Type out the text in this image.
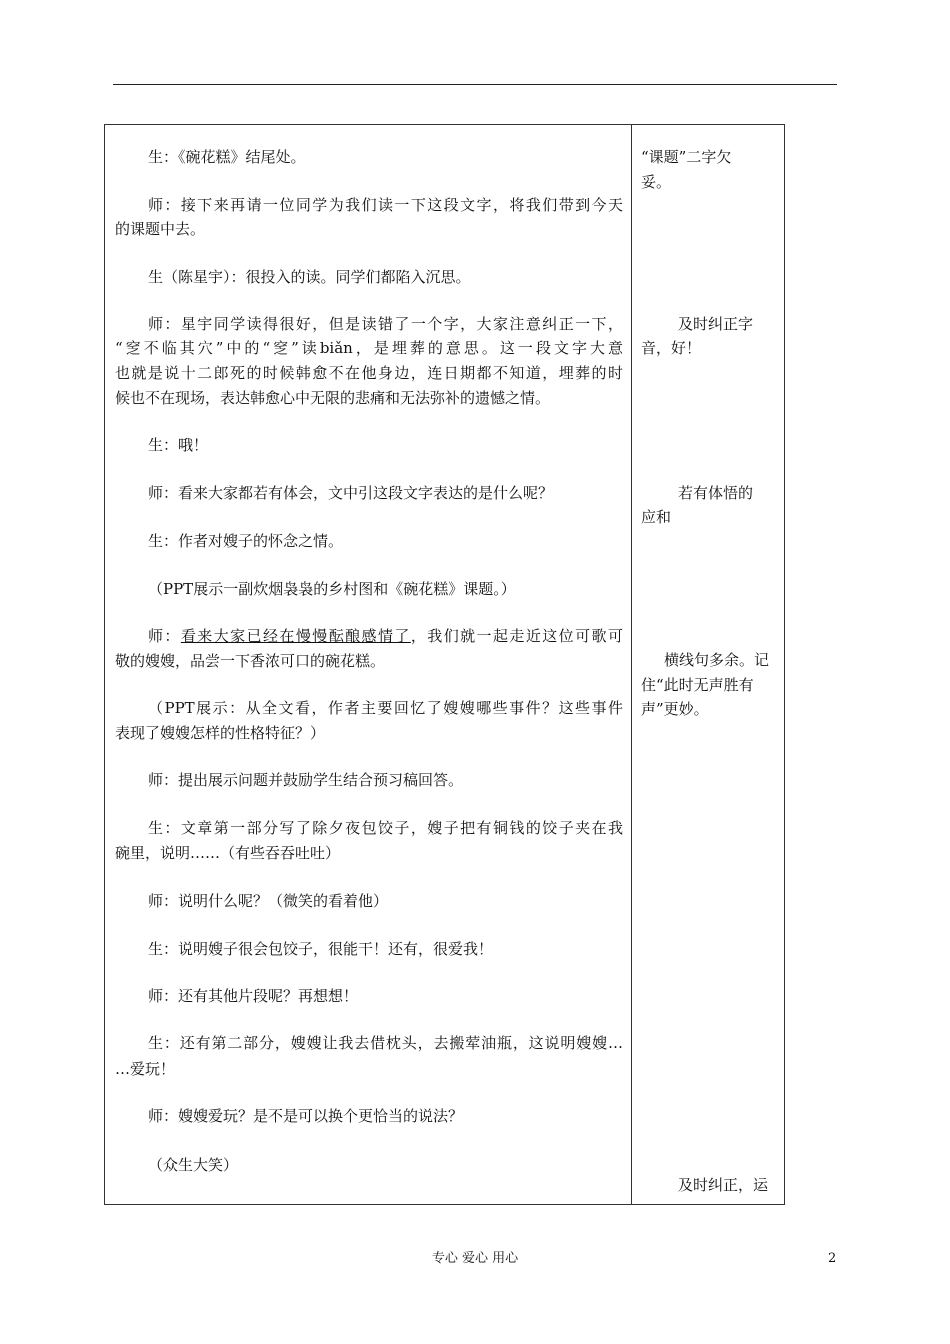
生：《碗花糕》结尾处。
师：接下来再请一位同学为我们读一下这段文字，将我们带到今天
的课题中去。
生（陈星宇）：很投入的读。同学们都陷入沉思。
师：星宇同学读得很好，但是读错了一个字，大家注意纠正一下，
“窆不临其穴”中的“窆”读biǎn，是埋葬的意思。这一段文字大意
也就是说十二郎死的时候韩愈不在他身边，连日期都不知道，埋葬的时
候也不在现场，表达韩愈心中无限的悲痛和无法弥补的遗憾之情。
生：哦！
师：看来大家都若有体会，文中引这段文字表达的是什么呢？
生：作者对嫂子的怀念之情。
（PPT展示一副炊烟袅袅的乡村图和《碗花糕》课题。）
师：看来大家已经在慢慢酝酿感情了，我们就一起走近这位可歌可
敬的嫂嫂，品尝一下香浓可口的碗花糕。
（PPT展示：从全文看，作者主要回忆了嫂嫂哪些事件？这些事件
表现了嫂嫂怎样的性格特征？）
师：提出展示问题并鼓励学生结合预习稿回答。
生：文章第一部分写了除夕夜包饺子，嫂子把有铜钱的饺子夹在我
碗里，说明……（有些吞吞吐吐）
师：说明什么呢？（微笑的看着他）
生：说明嫂子很会包饺子，很能干！还有，很爱我！
师：还有其他片段呢？再想想！
生：还有第二部分，嫂嫂让我去借枕头，去搬荤油瓶，这说明嫂嫂…
…爱玩！
师：嫂嫂爱玩？是不是可以换个更恰当的说法？
（众生大笑）
“课题”二字欠
妥。
及时纠正字
音，好！
若有体悟的
应和
横线句多余。记
住“此时无声胜有
声”更妙。
及时纠正，运
专心 爱心 用心	2
